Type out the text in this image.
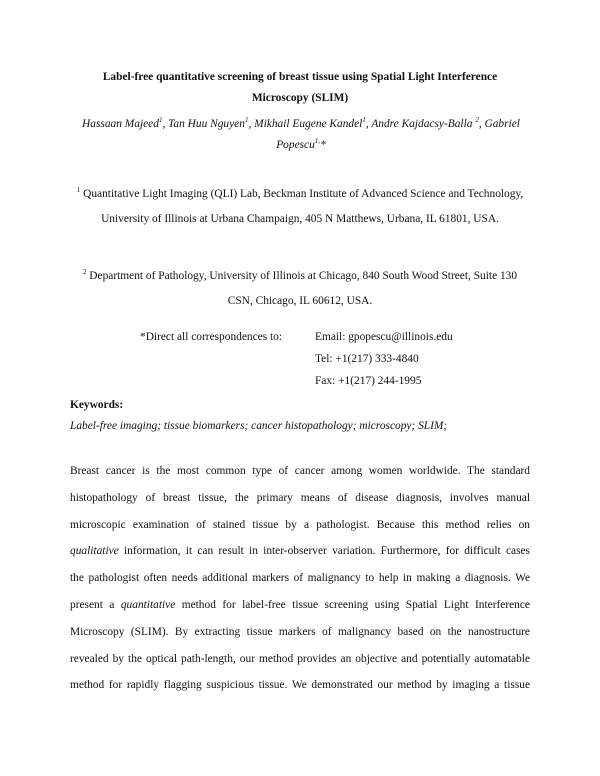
Label-free quantitative screening of breast tissue using Spatial Light Interference
Microscopy (SLIM)
Hassaan Majeed$^1$, Tan Huu Nguyen$^1$, Mikhail Eugene Kandel$^1$, Andre Kajdacsy-Balla $^2$, Gabriel Popescu$^{1,}$*
$^1$ Quantitative Light Imaging (QLI) Lab, Beckman Institute of Advanced Science and Technology, University of Illinois at Urbana Champaign, 405 N Matthews, Urbana, IL 61801, USA.
$^2$ Department of Pathology, University of Illinois at Chicago, 840 South Wood Street, Suite 130 CSN, Chicago, IL 60612, USA.
*Direct all correspondences to:	Email: gpopescu@illinois.edu
Tel: +1(217) 333-4840
Fax: +1(217) 244-1995
Keywords:
Label-free imaging; tissue biomarkers; cancer histopathology; microscopy; SLIM;
Breast cancer is the most common type of cancer among women worldwide. The standard
histopathology of breast tissue, the primary means of disease diagnosis, involves manual
microscopic examination of stained tissue by a pathologist. Because this method relies on
qualitative information, it can result in inter-observer variation. Furthermore, for difficult cases
the pathologist often needs additional markers of malignancy to help in making a diagnosis. We
present a quantitative method for label-free tissue screening using Spatial Light Interference
Microscopy (SLIM). By extracting tissue markers of malignancy based on the nanostructure
revealed by the optical path-length, our method provides an objective and potentially automatable
method for rapidly flagging suspicious tissue. We demonstrated our method by imaging a tissue
